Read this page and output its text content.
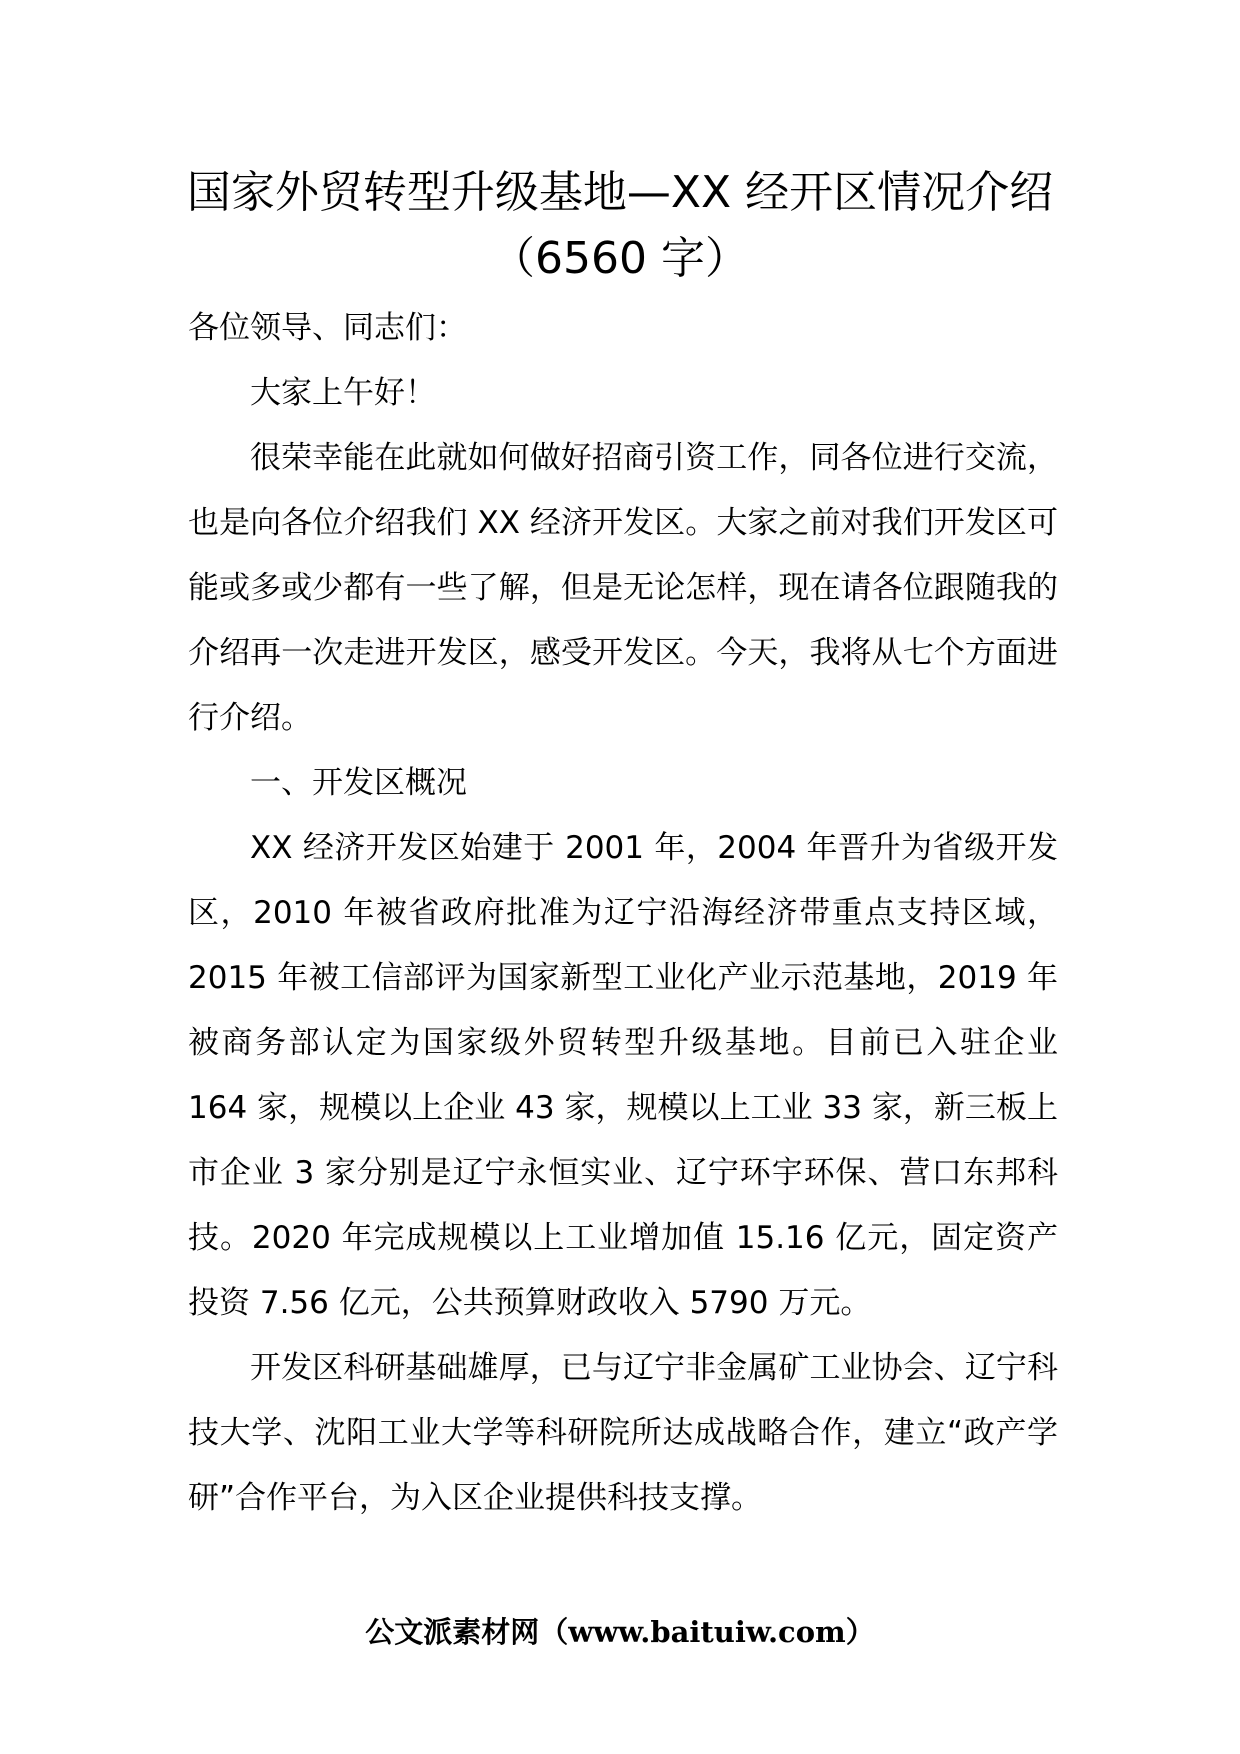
国家外贸转型升级基地—XX 经开区情况介绍（6560 字）

各位领导、同志们：

大家上午好！

很荣幸能在此就如何做好招商引资工作，同各位进行交流，也是向各位介绍我们 XX 经济开发区。大家之前对我们开发区可能或多或少都有一些了解，但是无论怎样，现在请各位跟随我的介绍再一次走进开发区，感受开发区。今天，我将从七个方面进行介绍。

一、开发区概况

XX 经济开发区始建于 2001 年，2004 年晋升为省级开发区，2010 年被省政府批准为辽宁沿海经济带重点支持区域，2015 年被工信部评为国家新型工业化产业示范基地，2019 年被商务部认定为国家级外贸转型升级基地。目前已入驻企业 164 家，规模以上企业 43 家，规模以上工业 33 家，新三板上市企业 3 家分别是辽宁永恒实业、辽宁环宇环保、营口东邦科技。2020 年完成规模以上工业增加值 15.16 亿元，固定资产投资 7.56 亿元，公共预算财政收入 5790 万元。

开发区科研基础雄厚，已与辽宁非金属矿工业协会、辽宁科技大学、沈阳工业大学等科研院所达成战略合作，建立“政产学研”合作平台，为入区企业提供科技支撑。

公文派素材网（www.baituiw.com）
